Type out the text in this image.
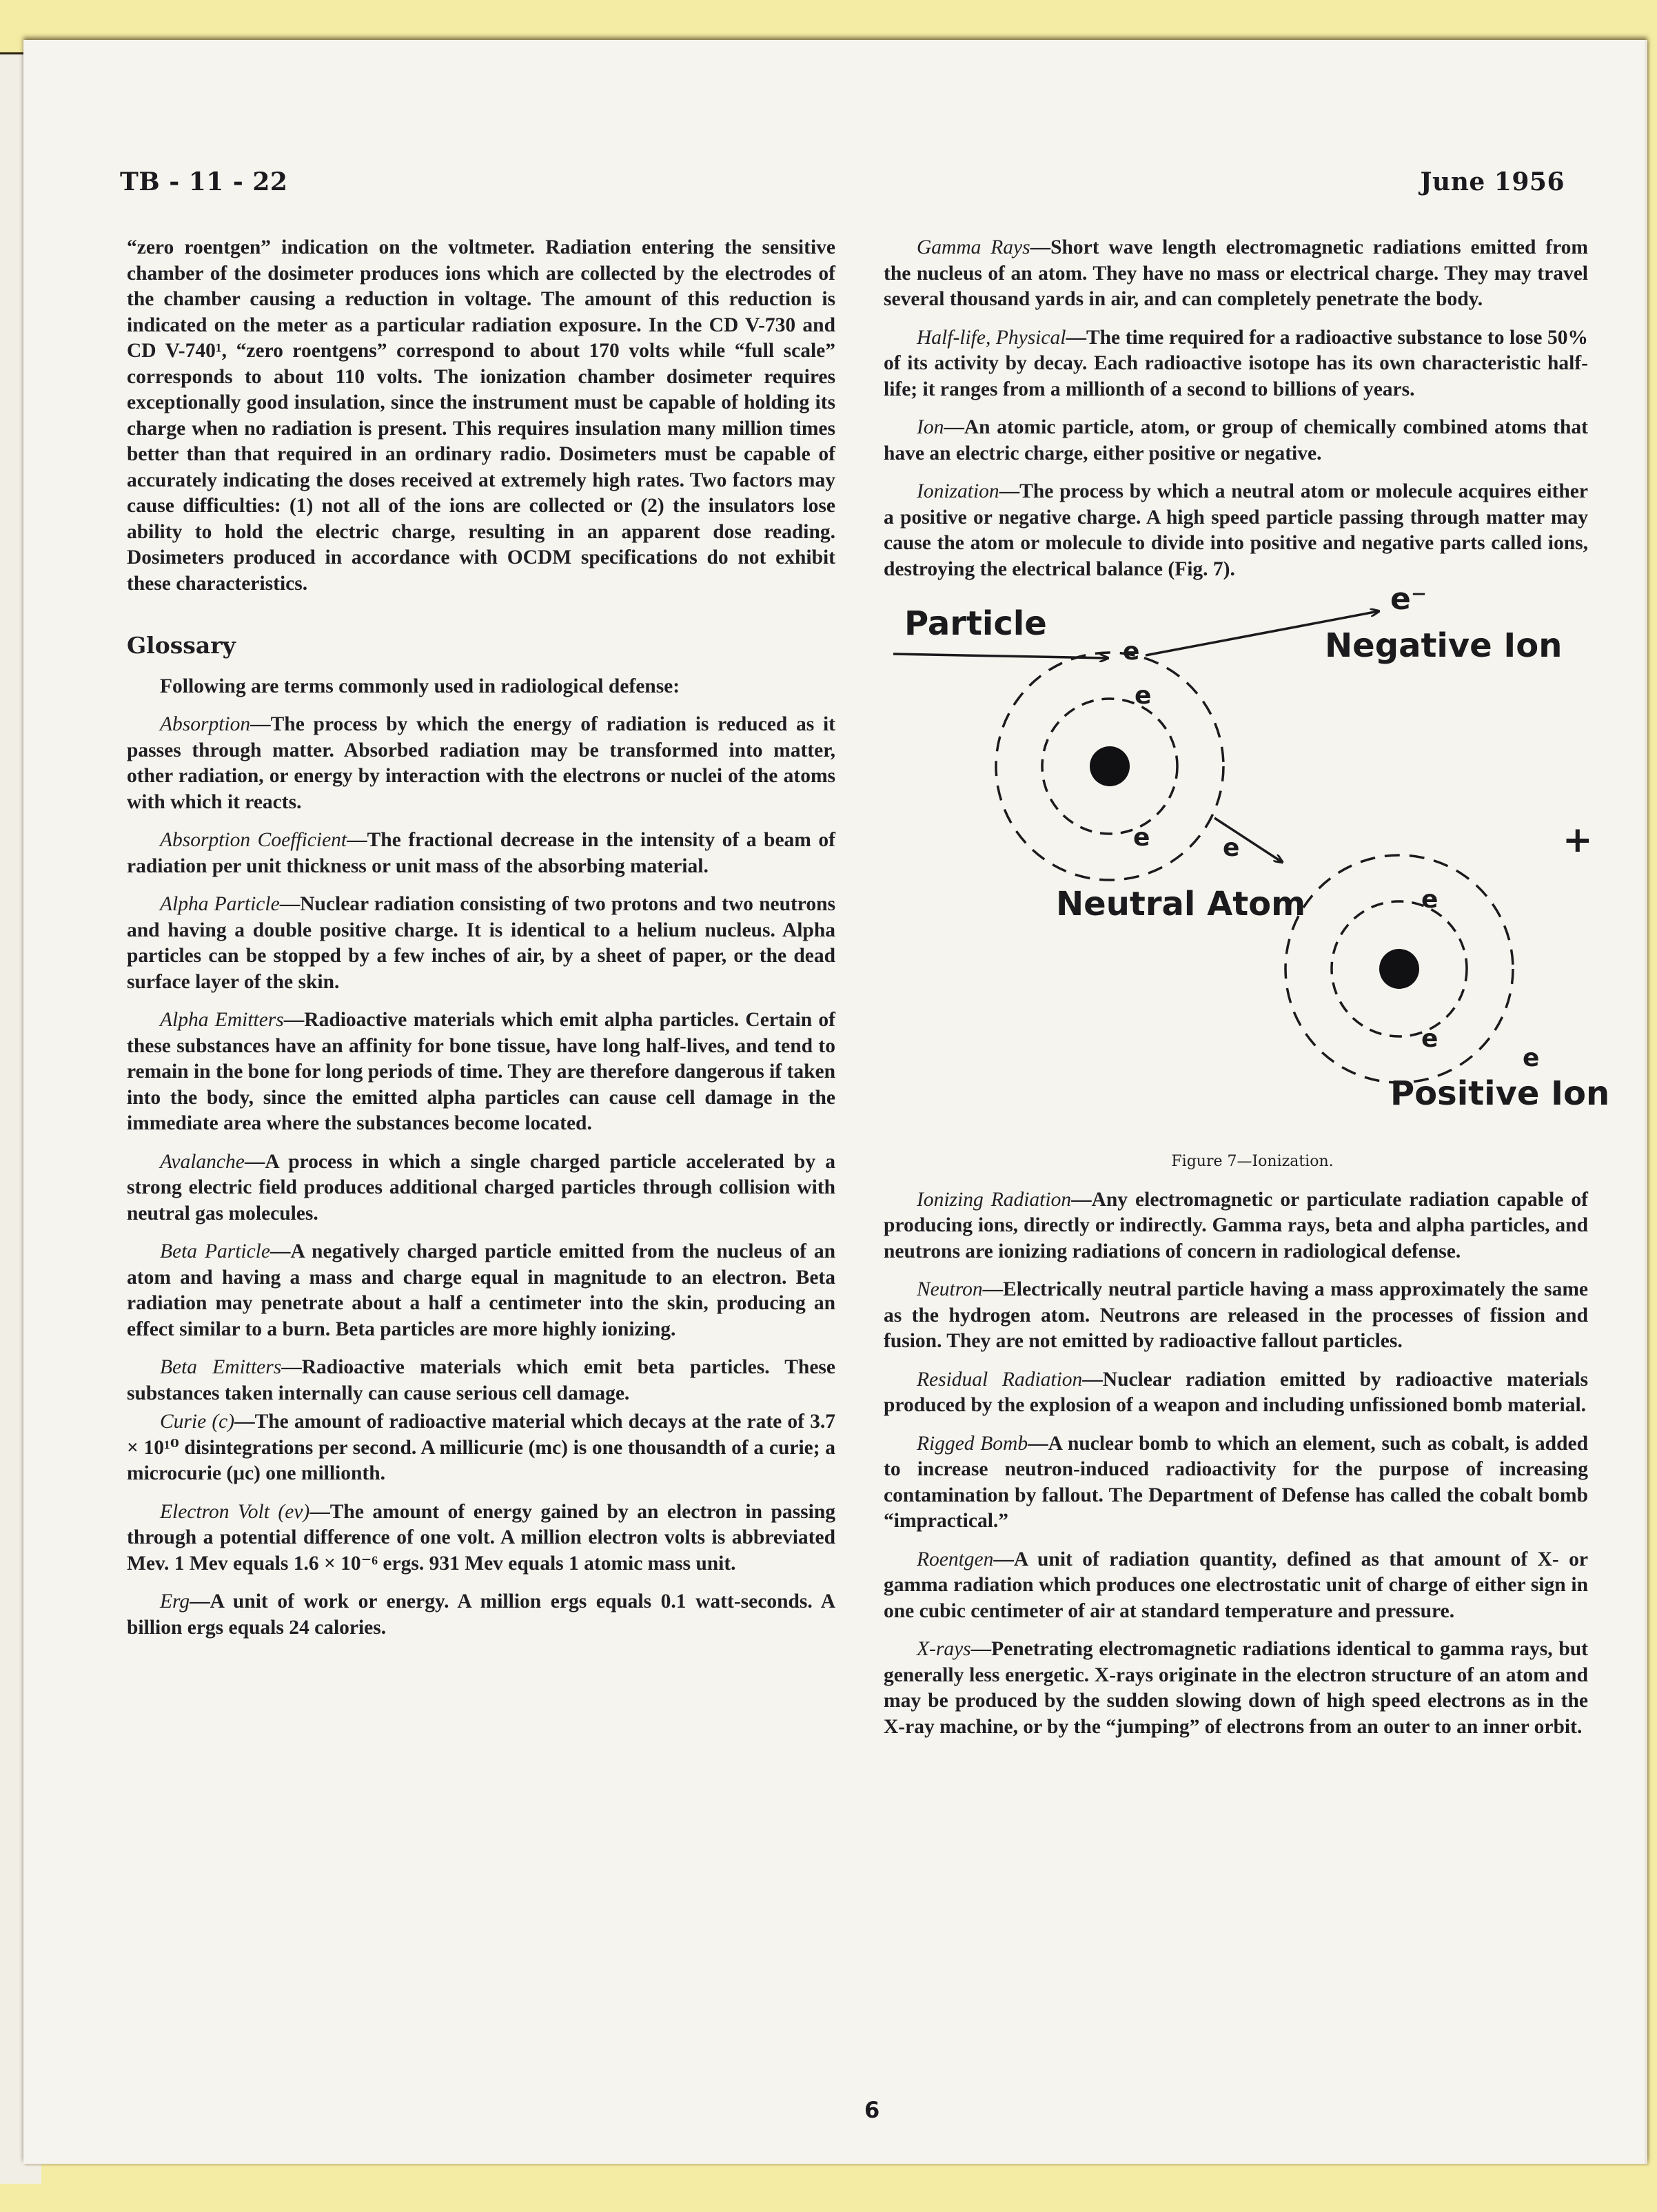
TB - 11 - 22	June 1956

“zero roentgen” indication on the voltmeter. Radiation entering the sensitive chamber of the dosimeter produces ions which are collected by the electrodes of the chamber causing a reduction in voltage. The amount of this reduction is indicated on the meter as a particular radiation exposure. In the CD V-730 and CD V-740¹, “zero roentgens” correspond to about 170 volts while “full scale” corresponds to about 110 volts. The ionization chamber dosimeter requires exceptionally good insulation, since the instrument must be capable of holding its charge when no radiation is present. This requires insulation many million times better than that required in an ordinary radio. Dosimeters must be capable of accurately indicating the doses received at extremely high rates. Two factors may cause difficulties: (1) not all of the ions are collected or (2) the insulators lose ability to hold the electric charge, resulting in an apparent dose reading. Dosimeters produced in accordance with OCDM specifications do not exhibit these characteristics.

Glossary

Following are terms commonly used in radiological defense:

Absorption—The process by which the energy of radiation is reduced as it passes through matter. Absorbed radiation may be transformed into matter, other radiation, or energy by interaction with the electrons or nuclei of the atoms with which it reacts.

Absorption Coefficient—The fractional decrease in the intensity of a beam of radiation per unit thickness or unit mass of the absorbing material.

Alpha Particle—Nuclear radiation consisting of two protons and two neutrons and having a double positive charge. It is identical to a helium nucleus. Alpha particles can be stopped by a few inches of air, by a sheet of paper, or the dead surface layer of the skin.

Alpha Emitters—Radioactive materials which emit alpha particles. Certain of these substances have an affinity for bone tissue, have long half-lives, and tend to remain in the bone for long periods of time. They are therefore dangerous if taken into the body, since the emitted alpha particles can cause cell damage in the immediate area where the substances become located.

Avalanche—A process in which a single charged particle accelerated by a strong electric field produces additional charged particles through collision with neutral gas molecules.

Beta Particle—A negatively charged particle emitted from the nucleus of an atom and having a mass and charge equal in magnitude to an electron. Beta radiation may penetrate about a half a centimeter into the skin, producing an effect similar to a burn. Beta particles are more highly ionizing.

Beta Emitters—Radioactive materials which emit beta particles. These substances taken internally can cause serious cell damage.

Curie (c)—The amount of radioactive material which decays at the rate of 3.7 × 10¹⁰ disintegrations per second. A millicurie (mc) is one thousandth of a curie; a microcurie (μc) one millionth.

Electron Volt (ev)—The amount of energy gained by an electron in passing through a potential difference of one volt. A million electron volts is abbreviated Mev. 1 Mev equals 1.6 × 10⁻⁶ ergs. 931 Mev equals 1 atomic mass unit.

Erg—A unit of work or energy. A million ergs equals 0.1 watt-seconds. A billion ergs equals 24 calories.

Gamma Rays—Short wave length electromagnetic radiations emitted from the nucleus of an atom. They have no mass or electrical charge. They may travel several thousand yards in air, and can completely penetrate the body.

Half-life, Physical—The time required for a radioactive substance to lose 50% of its activity by decay. Each radioactive isotope has its own characteristic half-life; it ranges from a millionth of a second to billions of years.

Ion—An atomic particle, atom, or group of chemically combined atoms that have an electric charge, either positive or negative.

Ionization—The process by which a neutral atom or molecule acquires either a positive or negative charge. A high speed particle passing through matter may cause the atom or molecule to divide into positive and negative parts called ions, destroying the electrical balance (Fig. 7).

Particle
e⁻
Negative Ion
Neutral Atom
Positive Ion
+
e
e
e	e
e
e
e

Figure 7—Ionization.

Ionizing Radiation—Any electromagnetic or particulate radiation capable of producing ions, directly or indirectly. Gamma rays, beta and alpha particles, and neutrons are ionizing radiations of concern in radiological defense.

Neutron—Electrically neutral particle having a mass approximately the same as the hydrogen atom. Neutrons are released in the processes of fission and fusion. They are not emitted by radioactive fallout particles.

Residual Radiation—Nuclear radiation emitted by radioactive materials produced by the explosion of a weapon and including unfissioned bomb material.

Rigged Bomb—A nuclear bomb to which an element, such as cobalt, is added to increase neutron-induced radioactivity for the purpose of increasing contamination by fallout. The Department of Defense has called the cobalt bomb “impractical.”

Roentgen—A unit of radiation quantity, defined as that amount of X- or gamma radiation which produces one electrostatic unit of charge of either sign in one cubic centimeter of air at standard temperature and pressure.

X-rays—Penetrating electromagnetic radiations identical to gamma rays, but generally less energetic. X-rays originate in the electron structure of an atom and may be produced by the sudden slowing down of high speed electrons as in the X-ray machine, or by the “jumping” of electrons from an outer to an inner orbit.

6
